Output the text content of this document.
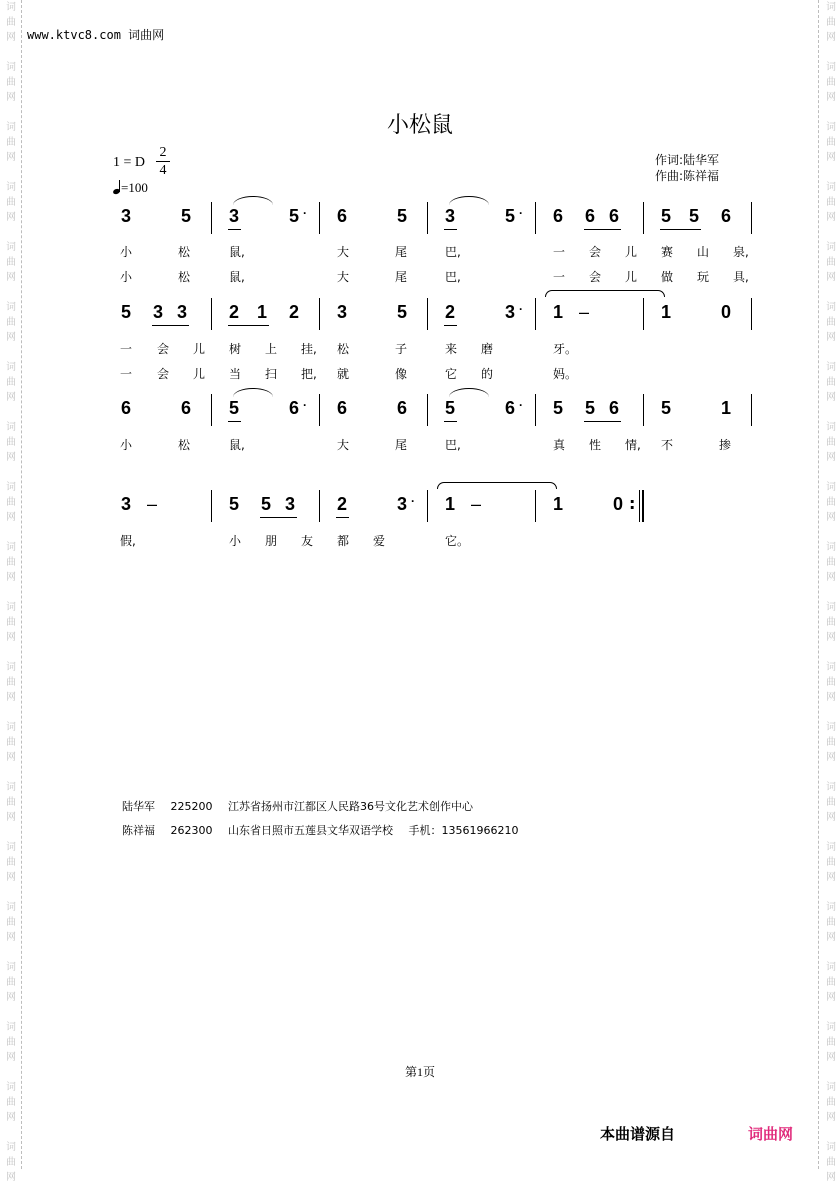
词
曲
网
词
曲
网
词
曲
网
词
曲
网
词
曲
网
词
曲
网
词
曲
网
词
曲
网
词
曲
网
词
曲
网
词
曲
网
词
曲
网
词
曲
网
词
曲
网
词
曲
网
词
曲
网
词
曲
网
词
曲
网
词
曲
网
词
曲
网
词
曲
网
词
曲
网
词
曲
网
词
曲
网
词
曲
网
词
曲
网
词
曲
网
词
曲
网
词
曲
网
词
曲
网
词
曲
网
词
曲
网
词
曲
网
词
曲
网
词
曲
网
词
曲
网
词
曲
网
词
曲
网
词
曲
网
词
曲
网
www.ktvc8.com 词曲网
小松鼠
1 = D
2
4
=100
作词:陆华军
作曲:陈祥福
3	5 3	5 · 6	5 3	5 · 6 6 6 5 5 6
小	松	鼠,	大	尾	巴,	一	会	儿	赛	山	泉,
小	松	鼠,	大	尾	巴,	一	会	儿	做	玩	具,
5 3 3 2 1 2 3	5 2	3 · 1 –	1	0
一	会	儿	树	上	挂, 松	子	来	磨	牙。
一	会	儿	当	扫	把, 就	像	它	的	妈。
6	6 5	6 · 6	6 5	6 · 5 5 6 5	1
小	松	鼠,	大	尾	巴,	真	性	情, 不	掺
3 –	5 5 3 2	3 · 1 –	1	0 :
假,	小	朋	友	都	爱	它。
陆华军 225200 江苏省扬州市江都区人民路36号文化艺术创作中心
陈祥福 262300 山东省日照市五莲县文华双语学校 手机：13561966210
第1页
本曲谱源自	词曲网
